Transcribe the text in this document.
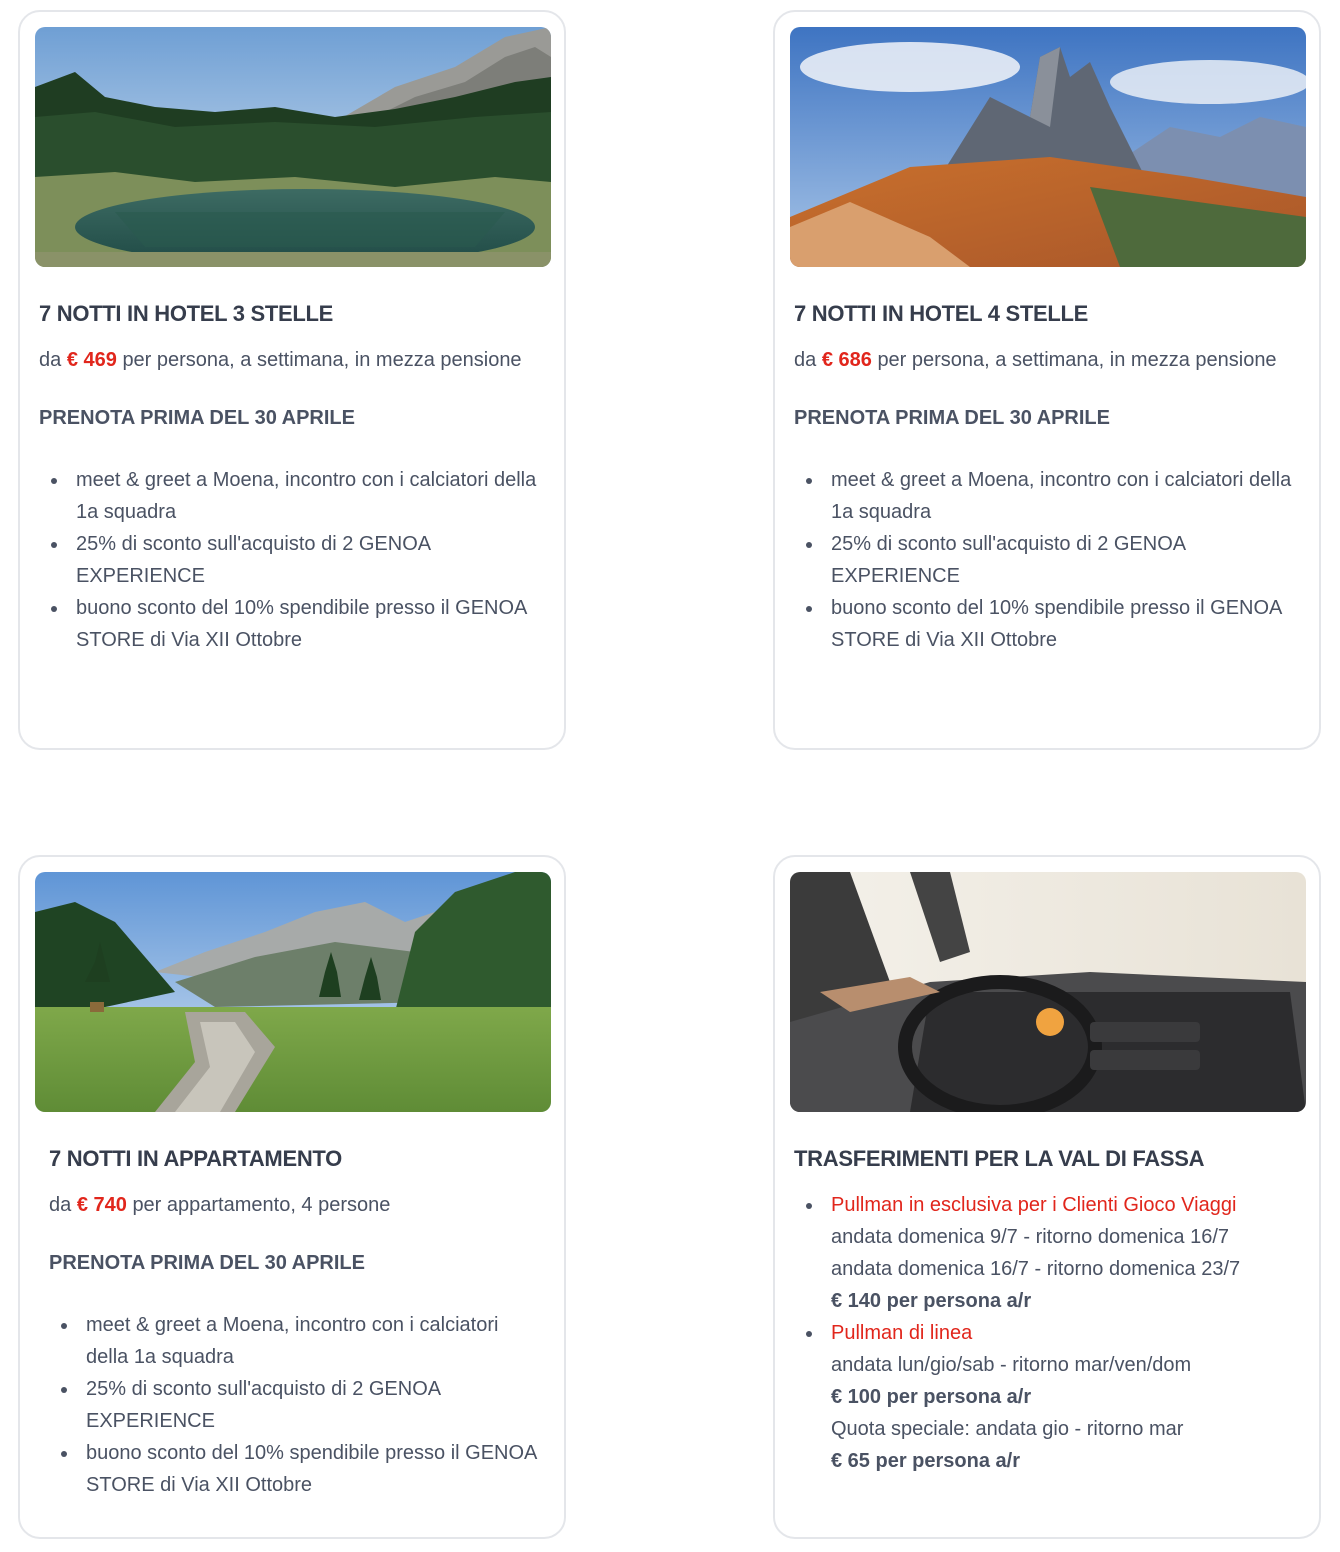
7 NOTTI IN HOTEL 3 STELLE

da € 469 per persona, a settimana, in mezza pensione

PRENOTA PRIMA DEL 30 APRILE

meet & greet a Moena, incontro con i calciatori della 1a squadra
25% di sconto sull'acquisto di 2 GENOA EXPERIENCE
buono sconto del 10% spendibile presso il GENOA STORE di Via XII Ottobre
7 NOTTI IN HOTEL 4 STELLE

da € 686 per persona, a settimana, in mezza pensione

PRENOTA PRIMA DEL 30 APRILE

meet & greet a Moena, incontro con i calciatori della 1a squadra
25% di sconto sull'acquisto di 2 GENOA EXPERIENCE
buono sconto del 10% spendibile presso il GENOA STORE di Via XII Ottobre
7 NOTTI IN APPARTAMENTO

da € 740 per appartamento, 4 persone

PRENOTA PRIMA DEL 30 APRILE

meet & greet a Moena, incontro con i calciatori della 1a squadra
25% di sconto sull'acquisto di 2 GENOA EXPERIENCE
buono sconto del 10% spendibile presso il GENOA STORE di Via XII Ottobre
TRASFERIMENTI PER LA VAL DI FASSA
Pullman in esclusiva per i Clienti Gioco Viaggi
andata domenica 9/7 - ritorno domenica 16/7
andata domenica 16/7 - ritorno domenica 23/7
€ 140 per persona a/r
Pullman di linea
andata lun/gio/sab - ritorno mar/ven/dom
€ 100 per persona a/r
Quota speciale: andata gio - ritorno mar
€ 65 per persona a/r
